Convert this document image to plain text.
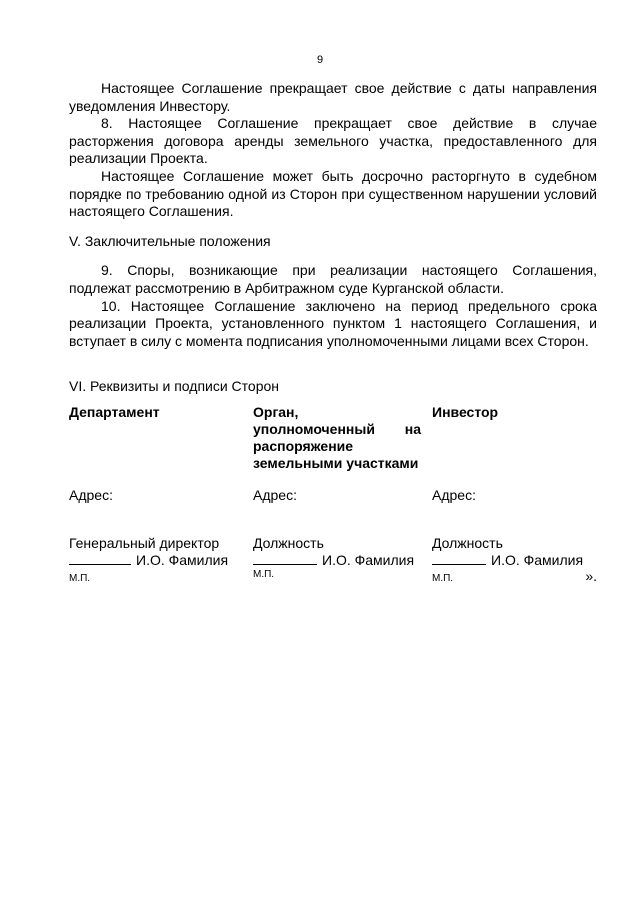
9

Настоящее Соглашение прекращает свое действие с даты направления уведомления Инвестору.

8. Настоящее Соглашение прекращает свое действие в случае расторжения договора аренды земельного участка, предоставленного для реализации Проекта.

Настоящее Соглашение может быть досрочно расторгнуто в судебном порядке по требованию одной из Сторон при существенном нарушении условий настоящего Соглашения.

V. Заключительные положения

9. Споры, возникающие при реализации настоящего Соглашения, подлежат рассмотрению в Арбитражном суде Курганской области.

10. Настоящее Соглашение заключено на период предельного срока реализации Проекта, установленного пунктом 1 настоящего Соглашения, и вступает в силу с момента подписания уполномоченными лицами всех Сторон.

VI. Реквизиты и подписи Сторон

Департамент

Адрес:

Генеральный директор

И.О. Фамилия

М.П.

Орган, уполномоченный на распоряжение земельными участками

Адрес:

Должность

И.О. Фамилия

М.П.

Инвестор

Адрес:

Должность

И.О. Фамилия

М.П.	».
